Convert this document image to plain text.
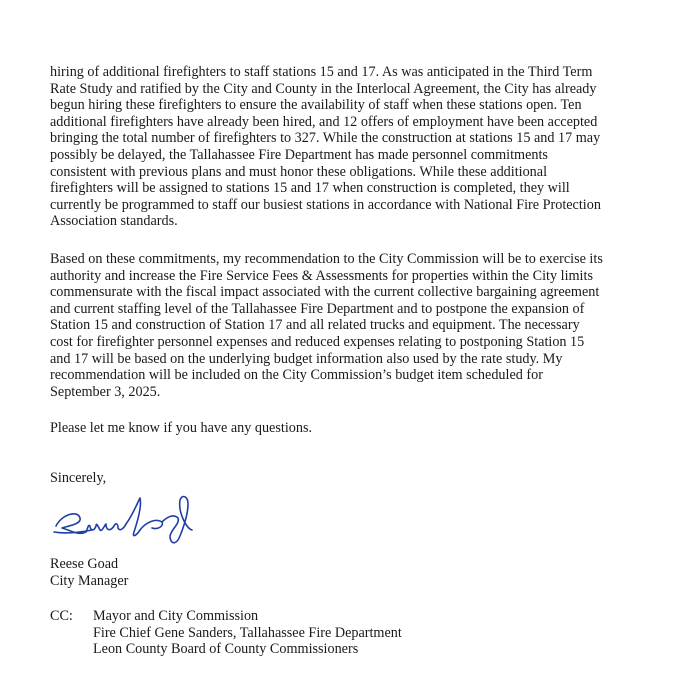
hiring of additional firefighters to staff stations 15 and 17. As was anticipated in the Third Term
Rate Study and ratified by the City and County in the Interlocal Agreement, the City has already
begun hiring these firefighters to ensure the availability of staff when these stations open. Ten
additional firefighters have already been hired, and 12 offers of employment have been accepted
bringing the total number of firefighters to 327. While the construction at stations 15 and 17 may
possibly be delayed, the Tallahassee Fire Department has made personnel commitments
consistent with previous plans and must honor these obligations. While these additional
firefighters will be assigned to stations 15 and 17 when construction is completed, they will
currently be programmed to staff our busiest stations in accordance with National Fire Protection
Association standards.
Based on these commitments, my recommendation to the City Commission will be to exercise its
authority and increase the Fire Service Fees & Assessments for properties within the City limits
commensurate with the fiscal impact associated with the current collective bargaining agreement
and current staffing level of the Tallahassee Fire Department and to postpone the expansion of
Station 15 and construction of Station 17 and all related trucks and equipment. The necessary
cost for firefighter personnel expenses and reduced expenses relating to postponing Station 15
and 17 will be based on the underlying budget information also used by the rate study. My
recommendation will be included on the City Commission’s budget item scheduled for
September 3, 2025.

Please let me know if you have any questions.

Sincerely,

Reese Goad
City Manager
CC: Mayor and City Commission
Fire Chief Gene Sanders, Tallahassee Fire Department
Leon County Board of County Commissioners
